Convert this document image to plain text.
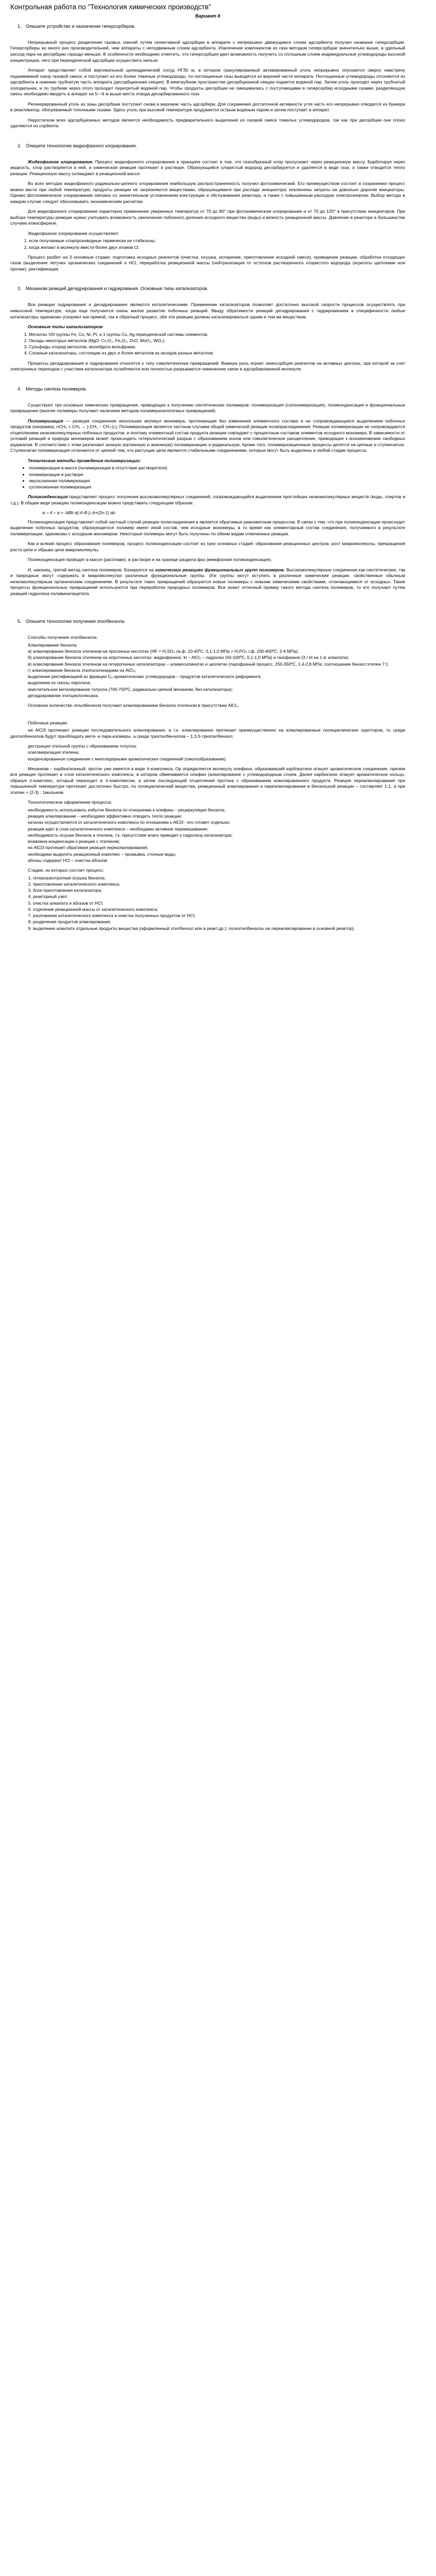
Контрольная работа по "Технология химических производств"
Вариант 8
1. Опишите устройство и назначение гиперсорберов.

Непрерывный процесс разделения газовых смесей путем селективной адсорбции в аппарате с непрерывно движущимся слоем адсорбента получил название гиперсорбции. Гиперсорберы во много раз производительней, чем аппараты с неподвижным слоем адсорбента. Извлечение компонентов из газа методом гиперсорбции значительно выше, а удельный расход пара на десорбцию гораздо меньше. В особенности необходимо отметить, что гиперсорбция дает возможность получить со сплошным слоем индивидуальные углеводороды высокой концентрации, чего при периодической адсорбции осуществить нельзя.

Аппарат представляет собой вертикальный цилиндрический сосуд НГЗ0 м, в котором гранулированный активированный уголь непрерывно опускается сверху навстречу поднимаемой снизу газовой смеси, и поступает из его более тяжелые углеводороды, по поглощенные газы выводятся из верхней части аппарата. Поглощенные углеводороды отгоняются из адсорбента в нижнюю трубчатую часть аппарата (десорбционная секция). В межтрубном пространстве десорбционной секции подается водяной пар. Затем уголь проходит через трубчатый холодильник, и по трубкам через этого проходит перегретый водяной пар. Чтобы продукты десорбции не смешивались с поступающими в гиперсорбер исходными газами, разделяющую смесь необходимо вводить в аппарат на 5—6 м выше места отвода десорбированного газа.

Регенерированный уголь из зоны десорбции поступает снова в верхнюю часть адсорбера. Для сохранения достаточной активности угля часть его непрерывно отводится из бункера в реактиватор, обогреваемый топочными газами. Здесь уголь при высокой температуре продувается острым водяным паром и затем поступает в аппарат.

Недостатком всех адсорбционных методов является необходимость предварительного выделения из газовой смеси тяжелых углеводородов, так как при десорбции они плохо удаляются из сорбента.

2. Опишите технологию жидкофазного хлорирования.

Жидкофазное хлорирование. Процесс жидкофазного хлорирования в принципе состоит в том, что газообразный хлор пропускают через реакционную массу. Барботируя через жидкость, хлор растворяется в ней, и химическая реакция протекает в растворе. Образующийся хлористый водород десорбируется и удаляется в виде газа, а также отводится тепло реакции. Реакционную массу охлаждают в реакционной массе.

Во всех методах жидкофазного радикально-цепного хлорирования наибольшую распространенность получил фотохимический. Его преимуществом состоит в сохранении процесс можно вести при любой температуре; продукты реакции не загрязняются веществами, образующимися при распаде инициатора; исключены затраты на довольно дорогие инициаторы. Однако фотохимическое хлорирование связано со значительным усложнением конструкции и обслуживания реактора, а также с повышенным расходом электроэнергии. Выбор метода в каждом случае следует обосновывать экономическим расчетом.

Для жидкофазного хлорирования характерно применение умеренных температур от 70 до 80° при фотохимическом хлорировании и от 70 до 120° в присутствии инициаторов. При выборе температуры реакции нужно учитывать возможность увеличения побочного деления исходного вещества (воды) и вязкость реакционной массы. Давление в реакторе в большинстве случаев атмосферное.

Жидкофазное хлорирование осуществляют:

1. если получаемые хлорпроизводные термически не стабильны;
2. когда желают в молекулу ввести более двух атомов Cl.

Процесс разбит на 3 основные стадии: подготовка исходных реагентов (очистка, осушка, испарение, приготовление исходной смеси), проведение реакции, обработка отходящих газов (выделение летучих органических соединений и HCl, переработка реакционной массы (нейтрализация от остатков растворенного хлористого водорода (агрегаты щелочами или прочие), ректификация.

3. Механизм реакций дегидрирования и гидрирования. Основные типы катализаторов.

Все реакции гидрирования и дегидрирования являются каталитическими. Применение катализаторов позволяет достаточно высокой скорости процессов осуществлять при невысокой температуре, когда еще получается очень малое развитие побочных реакций. Ввиду обратимости реакций дегидрирования с гидрированием в специфичности любые катализаторы одинаково ускоряют как прямой, так и обратный процесс, обе эти реакции должны катализироваться одним и тем же веществом.

Основные типы катализаторов:

1. Металлы VIII группы Fe, Co, Ni, Pt, и 1 группы Cu, Ag периодической системы элементов;
2. Оксиды некоторых металлов (MgO, Cr₂O₃, Fe₂O₃, ZnO, MoO₃, WO₃);
3. Сульфиды хлорид металлов, молибдата вольфрама;
4. Сложные катализаторы, состоящие из двух и более металлов из оксидов разных металлов.

Процессы дегидрирования и гидрирования относятся к типу гомолитических превращений. Важную роль играет хемосорбция реагентов на активных центрах, при которой за счет электронных переходов с участием катализатора ослабляются или полностью разрываются химические связи в адсорбированной молекуле.

4. Методы синтеза полимеров.

Существуют три основных химических превращения, приводящих к получению синтетических полимеров: полимеризация (сополимеризация), поликонденсация и функциональные превращения (многие полимеры получают наличием методом полимераналогичных превращений).

Полимеризация — реакция соединения нескольких молекул мономера, протекающая без изменения элементного состава и не сопровождающаяся выделением побочных продуктов (например, nCH₂ = CH₂ → [-CH₂ – CH₂-]ₙ). Полимеризация является частным случаем общей химической реакции полиприсоединения. Реакции полимеризации не сопровождаются отщеплением низкомолекулярных побочных продуктов, и поэтому элементный состав продукта реакции совпадает с процентным составом элементов исходного мономера. В зависимости от условий реакций и природа мономеров может происходить гетеролитический разрыв с образованием ионов или гомолитическое расщепление, приводящее к возникновению свободных радикалов. В соответствии с этим различают ионную (катионную и анионную) полимеризацию и радикальную. Кроме того, полимеризационные процессы делятся на цепные и ступенчатые. Ступенчатая полимеризация отличается от цепной тем, что растущие цепи являются стабильными соединениями, которые могут быть выделены в любой стадии процесса.

Технические методы проведения полимеризации:

• полимеризация в массе (полимеризация в отсутствие растворителя)
• полимеризация в растворе
• эмульсионная полимеризация
• суспензионная полимеризация

Поликонденсация представляет процесс получения высокомолекулярных соединений, сопровождающийся выделением простейших низкомолекулярных веществ (воды, спиртов и т.д.). В общем виде реакцию поликонденсации можно представить следующим образом:

-a – A – a + -bBb a[-A-B-]ₙ-b+(2n-1) ab

Поликонденсация представляет собой частный случай реакции полисоединения в является обратимые равновесным процессом. В связи с тем, что при поликонденсации происходит выделение побочных продуктов, образующегося полимер имеет иной состав, чем исходные мономеры, в то время как элементарный состав соединения, получаемого в результате полимеризации, одинаковы с исходным мономером. Некоторые полимеры могут быть получены по обеим видам отмеченных реакции.

Как и всякий процесс образования полимеров, процесс поликонденсации состоит из трех основных стадий: образования реакционных центров, рост макромолекулы, прекращения роста цепи и обрыва цепи макромолекулы.

Поликонденсация проводят в массе (расплаве), в растворе и на границе раздела фаз (межфазная поликонденсация).

И, наконец, третий метод синтеза полимеров. Базируется на химических реакциях функциональных групп полимеров. Высокомолекулярные соединения как синтетические, так и природные могут содержать в макромолекулах различные функциональные группы. Эти группы могут вступать в различные химические реакции, свойственные обычным низкомолекулярным органическим соединениям. В результате таких превращений образуются новые полимеры с новыми химическими свойствами, отличающимися от исходных. Такие процессы функциональных превращений используются при переработке природных полимеров. Все знают отличный пример такого метода синтеза полимеров, то его получают путем реакций гидролиза поливинилацетата.

5. Опишите технологию получения этилбензола.

Способы получения этилбензола:

Алкилирование бензола
а) алкилирование бензола этиленом на протонных кислотах (HF > H₂SO₄ (ж.ф. 10-40ºC, 0,1-1,0 МПа > H₃PO₄ г.ф. 200-400ºC, 2-6 МПа);
б) алкилирование бензола этиленом на апротонных кислотах: жидкофазное, kt – AlCl₃ – гидролиз (50-100ºC, 0,1-1,0 МПа) и газофазное (3 г kt на 1 кг алкилата);
в) алкилирование бензола этиленом на гетерогенных катализаторах – алюмосиликатах и цеолитах (парофазный процесс, 250-350ºC, 1,4-2,8 МПа; соотношение бензол:этилен 7:1
г) алкилирование бензола этилгалогенидами на AlCl₃;
выделение ректификацией из фракции C₈ ароматических углеводородов – продуктов каталитического риформинга;
выделение из смолы пиролиза;
окислительное метилирование толуола (700-750ºC, радикально-цепной механизм, без катализатора);
дегидрирование этилциклогексана.

Основное количество этилбензола получают алкилированием бензола этиленом в присутствии AlCl₃.

Побочные реакции:

на AlCl3 протекают реакции последовательного алкилирования, а т.к. алкилирование протекает преимущественно на алкилированные полициклических оцепторов, то среди диэтилбензолов будут преобладать мета- и пара-изомеры, а среди триэтилбензолов – 1,3,5-триэтилбензол;

деструкция этильной группы с образованием толуола;
олигомеризация этилена;
конденсированное соединение с многоядерными ароматических соединений (смолообразование).

Механизм – карбкатионный: протон уже имеется в виде π-комплекса, Ор определяется молекулу олефина, образовавший карбокатион атакует ароматическое соединение, причем вся реакция протекает в слое каталитического комплекса, в котором обменивается олефин (алкилирование с углеводородным слоем. Далее карбкатион атакует ароматическое кольцо, образуя σ-комплекс, который переходит в π-комплексом, а затем последующий отщепления протона с образованием алкилированного продукта. Реакция переалкилирования при повышенной температуре протекает достаточно быстро, по полициклический вещества, реакционный алкилирования и переалкилирования в бензольной реакции – составляет 1:1, а при этилен = (2-3) : 1мольном.

Технологическое оформление процесса:

необходимость использовать избыток бензола по отношению к олефину – рециркуляция бензола;
реакция алкилирование – необходимо эффективно отводить тепло реакции;
каталаз осуществляется от каталитического комплекса по отношению к AlCl3 - его готовят отдельно;
реакция идет в слое каталитического комплекса – необходимо активное перемешивание;
необходимость осушки бензола и этилена, т.к. присутствие влаги приводит к гидролизу катализатора;
возможна конденсации к реакции с этиленом;
на AlCl3 протекает обратимая реакция переалкилирования;
необходимо выделять реакционный комплекс – промывка, сточные воды;
абгазы содержат HCl – очистка абгазов.

Стадии, из которых состоит процесс:

1. гетероазеотропная осушка бензола;
2. приготовление каталитического комплекса;
3. блок приготовления катализатора;
4. реакторный узел;
5. очистка алкилата и абгазов от HCl;
6. отделение реакционной массы от каталитического комплекса;
7. разложение каталитического комплекса и очистка полученных продуктов от HCl;
8. разделение продуктов алкилирования;
9. выделение алкилата отдельные продукты вещества (оформленный этилбензол или в реакт.др.); полиэтилбензолы на переалкилирование в основной реактор).
